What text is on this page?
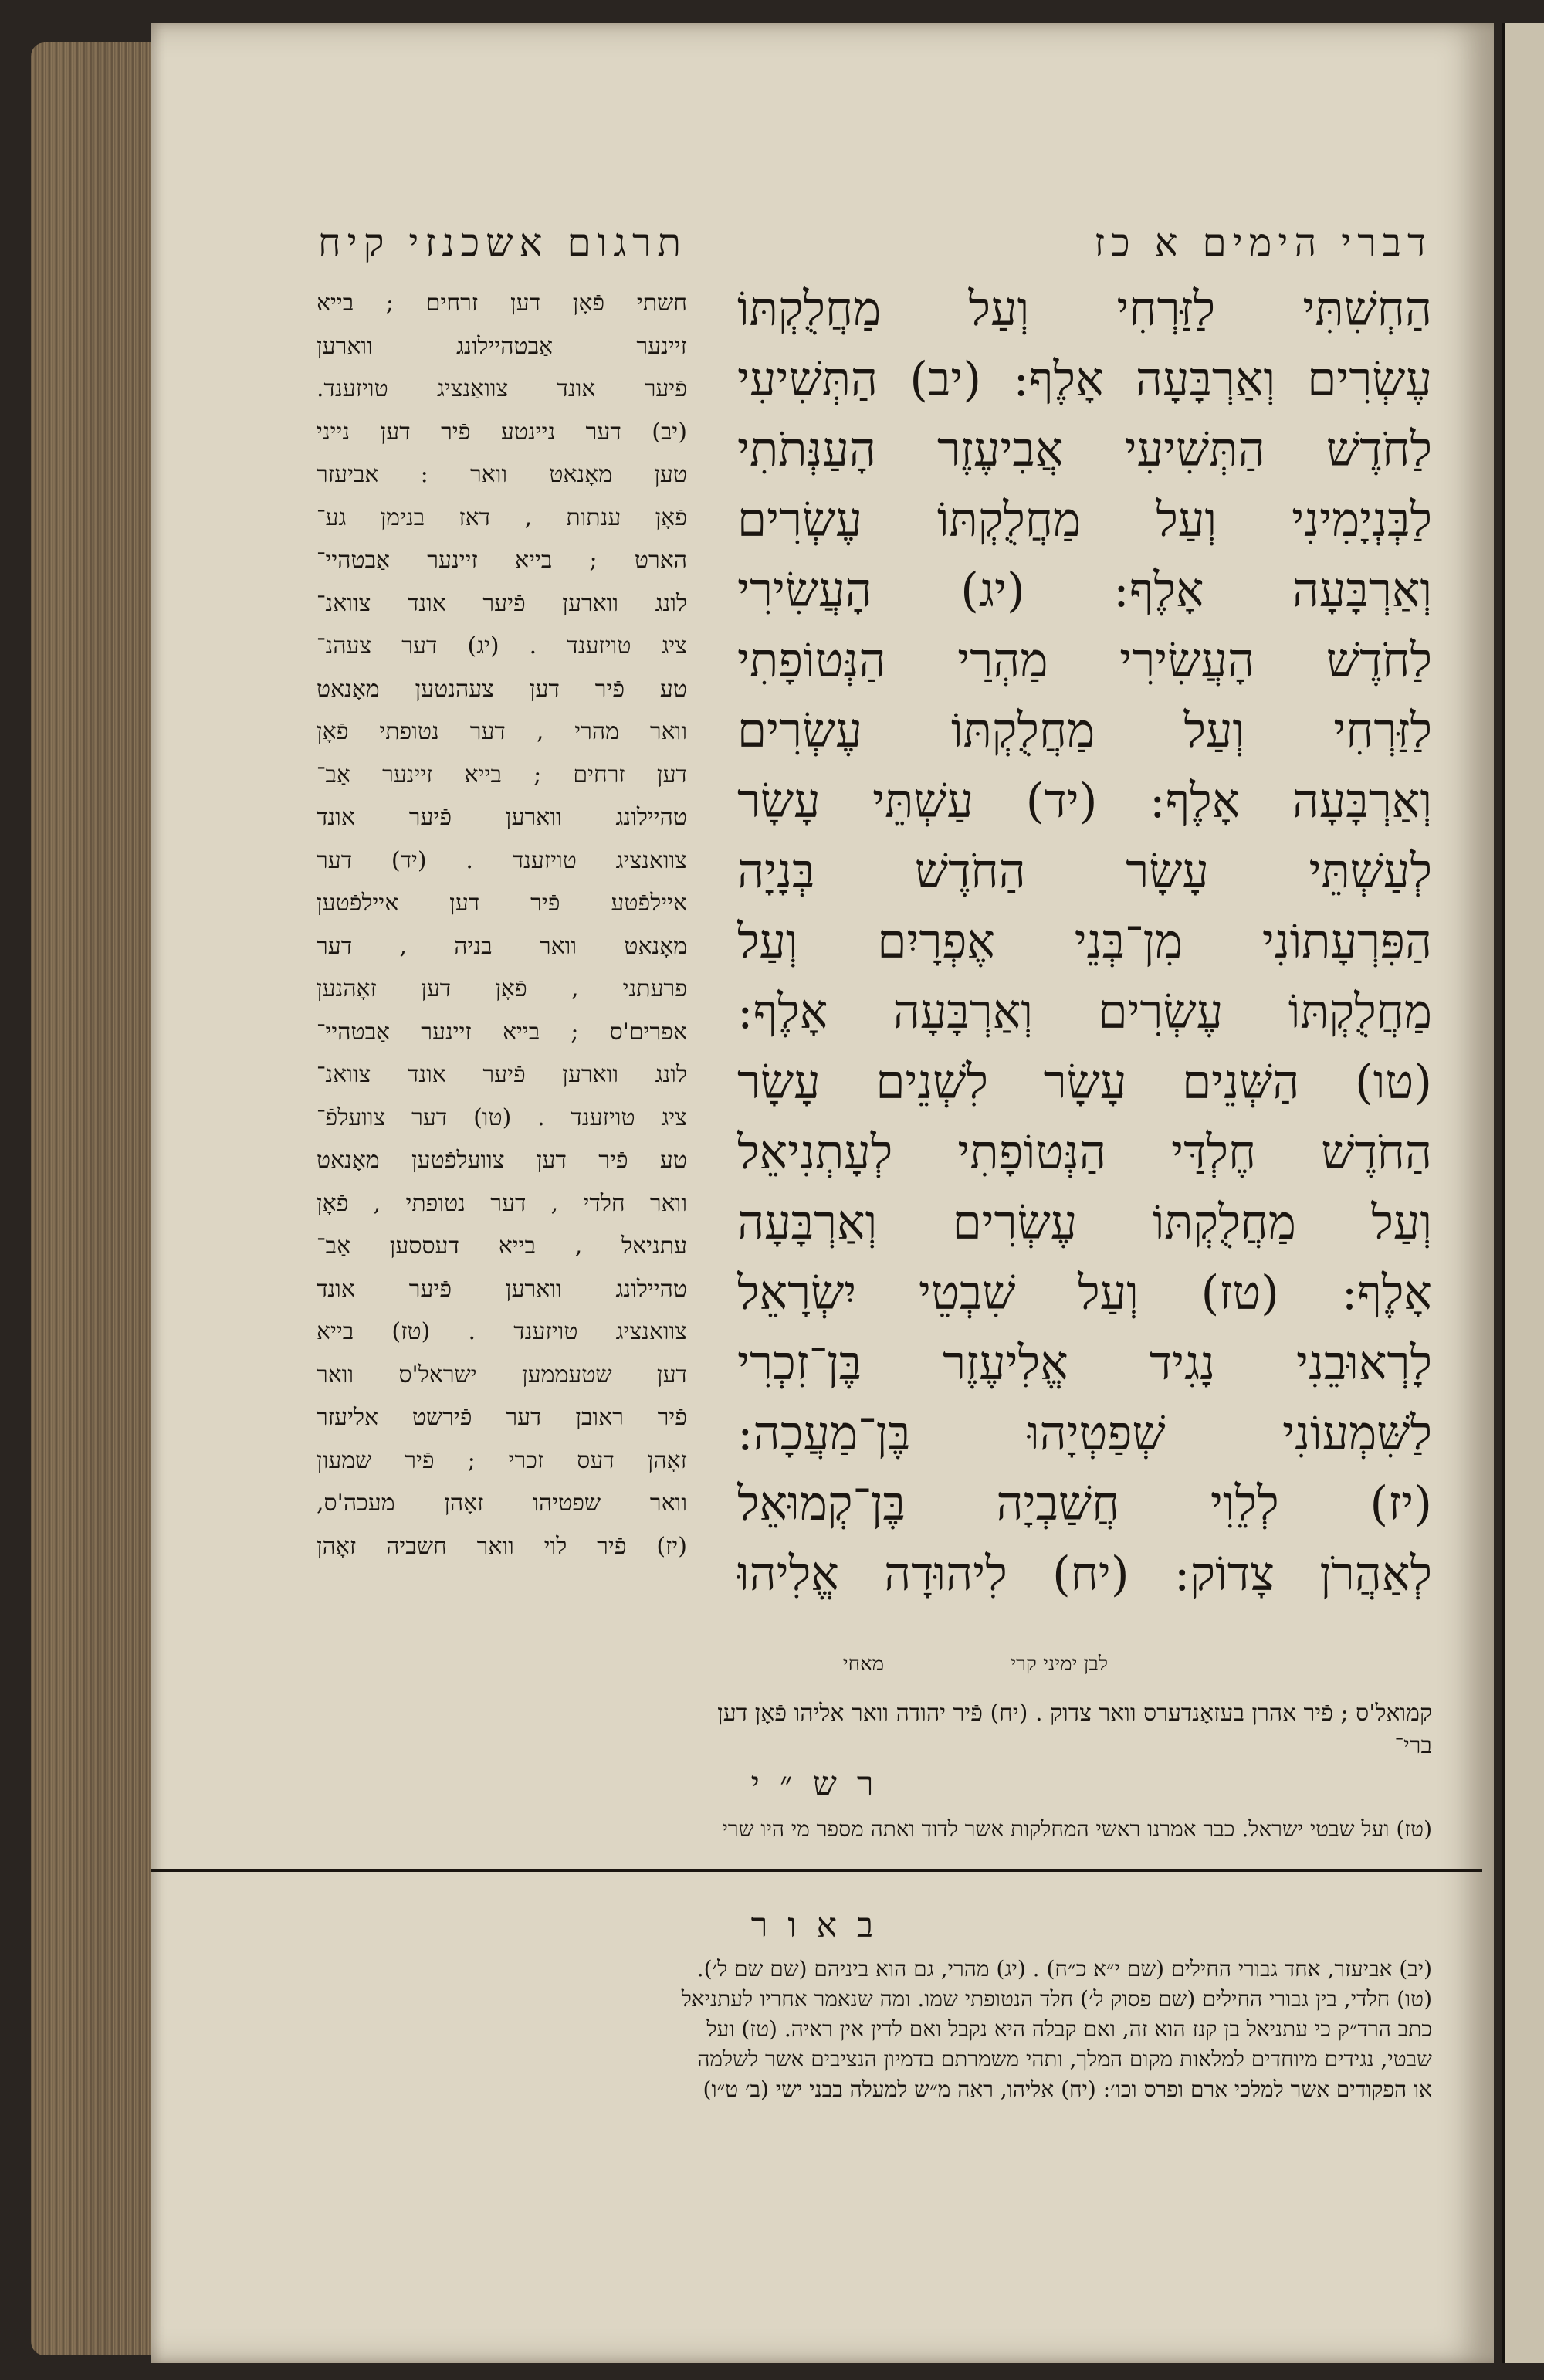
דברי הימים א כז
תרגום אשכנזי קיח
הַחְשִׁתִּי לַזַּרְחִי וְעַל מַחֲלֻקְתּוֹ
עֶשְׂרִים וְאַרְבָּעָה אָלֶף: (יב) הַתְּשִׁיעִי
לַחֹדֶשׁ הַתְּשִׁיעִי אֲבִיעֶזֶר הָעַנְּתֹתִי
לַבְּנְיָמִינִי וְעַל מַחֲלֻקְתּוֹ עֶשְׂרִים
וְאַרְבָּעָה אָלֶף: (יג) הָעֲשִׂירִי
לַחֹדֶשׁ הָעֲשִׂירִי מַהְרַי הַנְּטוֹפָתִי
לַזַּרְחִי וְעַל מַחֲלֻקְתּוֹ עֶשְׂרִים
וְאַרְבָּעָה אָלֶף: (יד) עַשְׁתֵּי עָשָׂר
לְעַשְׁתֵּי עָשָׂר הַחֹדֶשׁ בְּנָיָה
הַפִּרְעָתוֹנִי מִן־בְּנֵי אֶפְרָיִם וְעַל
מַחֲלֻקְתּוֹ עֶשְׂרִים וְאַרְבָּעָה אָלֶף:
(טו) הַשְּׁנֵים עָשָׂר לִשְׁנֵים עָשָׂר
הַחֹדֶשׁ חֶלְדַּי הַנְּטוֹפָתִי לְעָתְנִיאֵל
וְעַל מַחֲלֻקְתּוֹ עֶשְׂרִים וְאַרְבָּעָה
אָלֶף: (טז) וְעַל שִׁבְטֵי יִשְׂרָאֵל
לָרְאוּבֵנִי נָגִיד אֱלִיעֶזֶר בֶּן־זִכְרִי
לַשִּׁמְעוֹנִי שְׁפַטְיָהוּ בֶּן־מַעֲכָה:
(יז) לְלֵוִי חֲשַׁבְיָה בֶּן־קְמוּאֵל
לְאַהֲרֹן צָדוֹק: (יח) לִיהוּדָה אֱלִיהוּ
חשתי פֿאָן דען זרחים ; בייא
זיינער אַבטהיילונג ווארען
פֿיער אונד צוואַנציג טויזענד.
(יב) דער ניינטע פֿיר דען נייני
טען מאָנאט וואר : אביעזר
פֿאָן ענתות , דאז בנימן גע־
הארט ; בייא זיינער אַבטהיי־
לונג ווארען פֿיער אונד צוואנ־
ציג טויזענד . (יג) דער צעהנ־
טע פֿיר דען צעהנטען מאָנאט
וואר מהרי , דער נטופתי פֿאָן
דען זרחים ; בייא זיינער אַב־
טהיילונג ווארען פֿיער אונד
צוואנציג טויזענד . (יד) דער
איילפֿטע פֿיר דען איילפֿטען
מאָנאט וואר בניה , דער
פרעתני , פֿאָן דען זאָהנען
אפרים'ס ; בייא זיינער אַבטהיי־
לונג ווארען פֿיער אונד צוואנ־
ציג טויזענד . (טו) דער צוועלפֿ־
טע פֿיר דען צוועלפֿטען מאָנאט
וואר חלדי , דער נטופתי , פֿאָן
עתניאל , בייא דעססען אַב־
טהיילונג ווארען פֿיער אונד
צוואנציג טויזענד . (טז) בייא
דען שטעממען ישראל'ס וואר
פֿיר ראובן דער פֿירשט אליעזר
זאָהן דעס זכרי ; פֿיר שמעון
וואר שפטיהו זאָהן מעכה'ס,
(יז) פֿיר לוי וואר חשביה זאָהן
לבן ימיני קרי
מאחי
קמואל'ס ; פֿיר אהרן בעזאָנדערס וואר צדוק . (יח) פֿיר יהודה וואר אליהו פֿאָן דען
ברי־
רש״י
(טז) ועל שבטי ישראל. כבר אמרנו ראשי המחלקות אשר לדוד ואתה מספר מי היו שרי
באור
(יב) אביעזר, אחד גבורי החילים (שם י״א כ״ח) . (יג) מהרי, גם הוא ביניהם (שם שם ל׳).
(טו) חלדי, בין גבורי החילים (שם פסוק ל׳) חלד הנטופתי שמו. ומה שנאמר אחריו לעתניאל
כתב הרד״ק כי עתניאל בן קנז הוא זה, ואם קבלה היא נקבל ואם לדין אין ראיה. (טז) ועל
שבטי, נגידים מיוחדים למלאות מקום המלך, ותהי משמרתם בדמיון הנציבים אשר לשלמה
או הפקודים אשר למלכי ארם ופרס וכו׳: (יח) אליהו, ראה מ״ש למעלה בבני ישי (ב׳ ט״ו)
